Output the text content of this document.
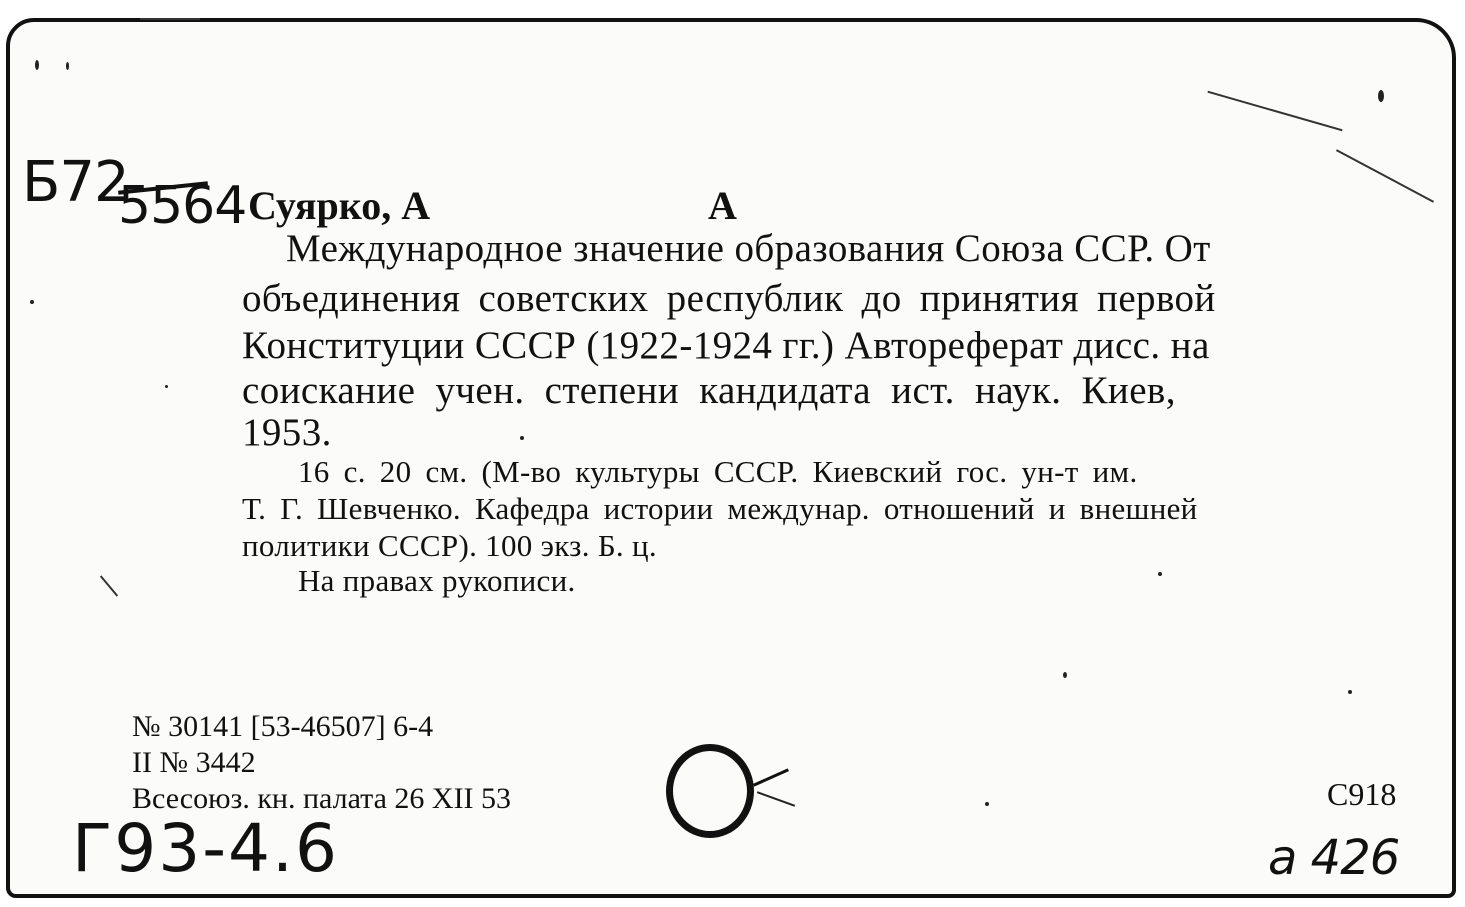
Б72
5564 Суярко, А	А
Международное значение образования Союза ССР. От
объединения советских республик до принятия первой
Конституции СССР (1922-1924 гг.) Автореферат дисс. на
соискание учен. степени кандидата ист. наук. Киев,
1953.
16 с. 20 см. (М-во культуры СССР. Киевский гос. ун-т им.
Т. Г. Шевченко. Кафедра истории междунар. отношений и внешней
политики СССР). 100 экз. Б. ц.
На правах рукописи.
№ 30141 [53-46507] 6-4
II № 3442
Всесоюз. кн. палата 26 XII 53	С918
Г93-4.6	а 426
